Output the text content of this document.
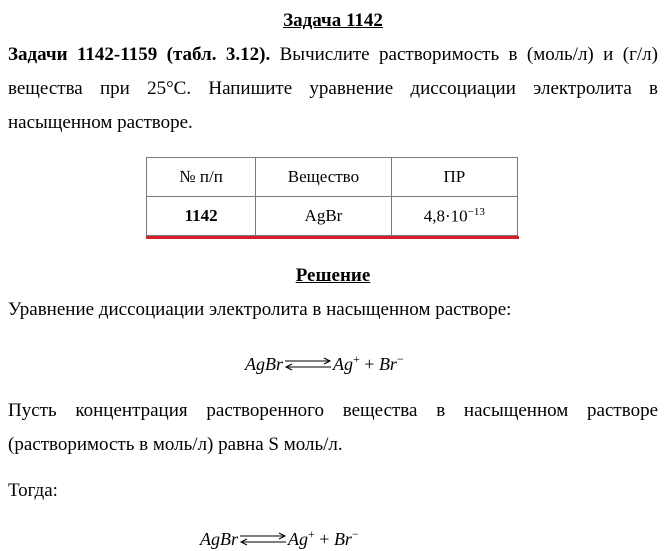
Задача 1142
Задачи 1142-1159 (табл. 3.12). Вычислите растворимость в (моль/л) и (г/л)
вещества при 25°С. Напишите уравнение диссоциации электролита в
насыщенном растворе.
№ п/п	Вещество	ПР
1142	AgBr	$4,8\cdot 10^{-13}$
Решение
Уравнение диссоциации электролита в насыщенном растворе:
AgBr⇌Ag+ + Br−
Пусть концентрация растворенного вещества в насыщенном растворе
(растворимость в моль/л) равна S моль/л.
Тогда:
AgBr	Ag+ + Br−
